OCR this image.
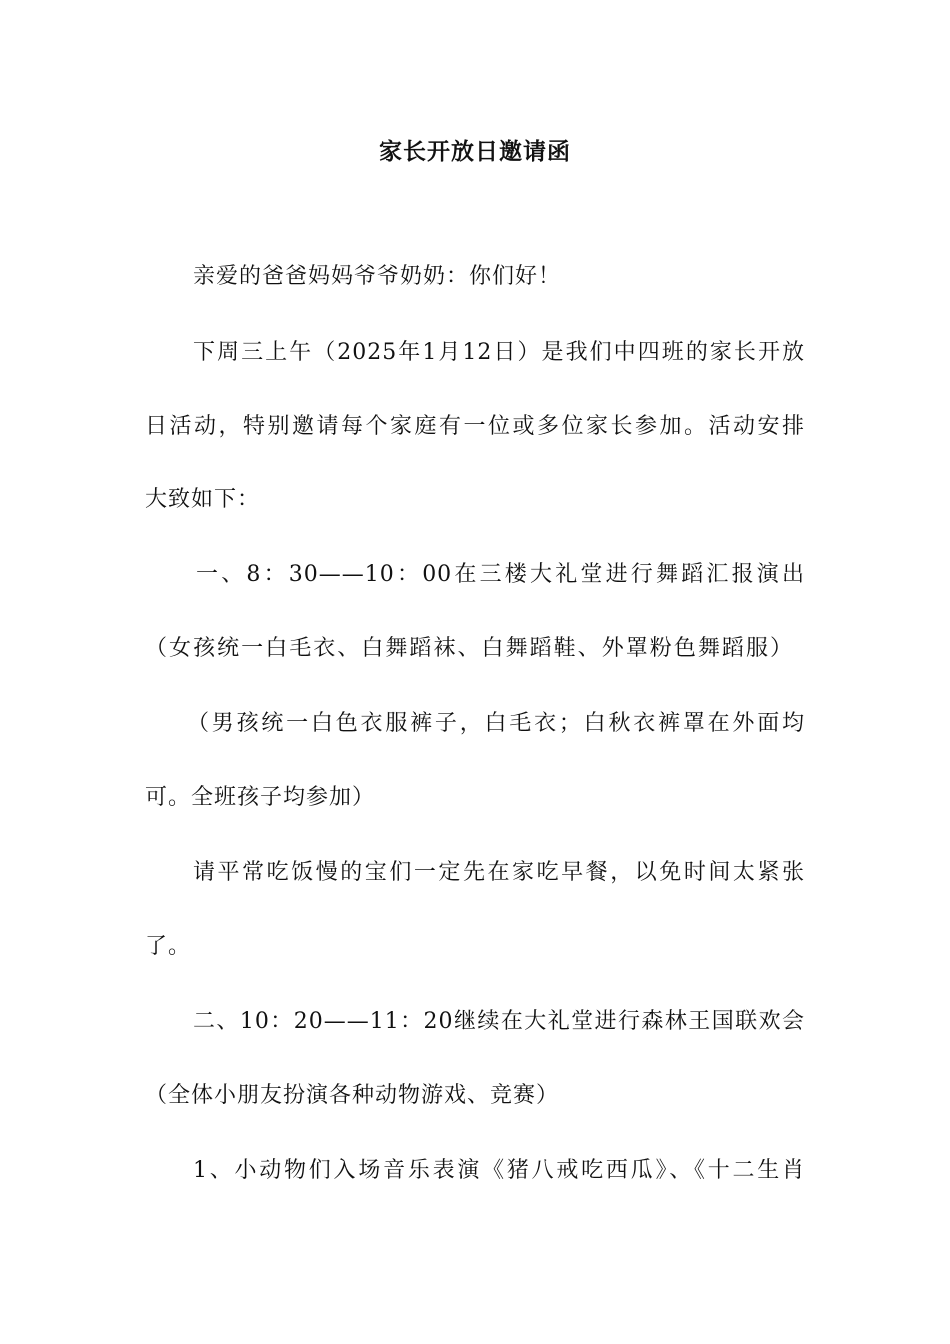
家长开放日邀请函
亲爱的爸爸妈妈爷爷奶奶：你们好！
下周三上午（2025年1月12日）是我们中四班的家长开放
日活动，特别邀请每个家庭有一位或多位家长参加。活动安排
大致如下：
一、8：30——10：00在三楼大礼堂进行舞蹈汇报演出
（女孩统一白毛衣、白舞蹈袜、白舞蹈鞋、外罩粉色舞蹈服）
（男孩统一白色衣服裤子，白毛衣；白秋衣裤罩在外面均
可。全班孩子均参加）
请平常吃饭慢的宝们一定先在家吃早餐，以免时间太紧张
了。
二、10：20——11：20继续在大礼堂进行森林王国联欢会
（全体小朋友扮演各种动物游戏、竞赛）
1、小动物们入场音乐表演《猪八戒吃西瓜》、《十二生肖
